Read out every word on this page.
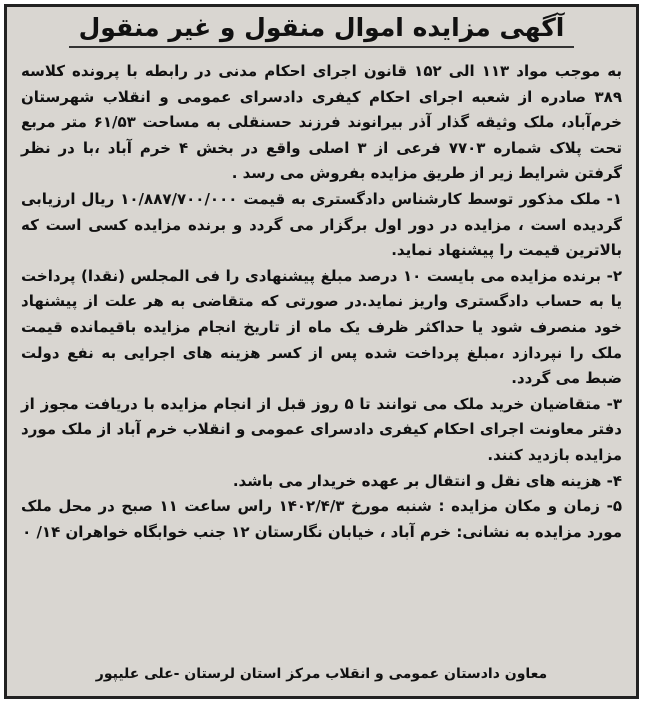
آگهی مزایده اموال منقول و غیر منقول

به موجب مواد ۱۱۳ الی ۱۵۲ قانون اجرای احکام مدنی در رابطه با پرونده کلاسه ۳۸۹ صادره از شعبه اجرای احکام کیفری دادسرای عمومی و انقلاب شهرستان خرم‌آباد، ملک وثیقه گذار آذر بیرانوند فرزند حسنقلی به مساحت ۶۱/۵۳ متر مربع تحت پلاک شماره ۷۷۰۳ فرعی از ۳ اصلی واقع در بخش ۴ خرم آباد ،با در نظر گرفتن شرایط زیر از طریق مزایده بفروش می رسد .

۱- ملک مذکور توسط کارشناس دادگستری به قیمت ۱۰/۸۸۷/۷۰۰/۰۰۰ ریال ارزیابی گردیده است ، مزایده در دور اول برگزار می گردد و برنده مزایده کسی است که بالاترین قیمت را پیشنهاد نماید.

۲- برنده مزایده می بایست ۱۰ درصد مبلغ پیشنهادی را فی المجلس (نقدا) پرداخت یا به حساب دادگستری واریز نماید.در صورتی که متقاضی به هر علت از پیشنهاد خود منصرف شود یا حداکثر ظرف یک ماه از تاریخ انجام مزایده باقیمانده قیمت ملک را نپردازد ،مبلغ پرداخت شده پس از کسر هزینه های اجرایی به نفع دولت ضبط می گردد.

۳- متقاضیان خرید ملک می توانند تا ۵ روز قبل از انجام مزایده با دریافت مجوز از دفتر معاونت اجرای احکام کیفری دادسرای عمومی و انقلاب خرم آباد از ملک مورد مزایده بازدید کنند.

۴- هزینه های نقل و انتقال بر عهده خریدار می باشد.

۵- زمان و مکان مزایده : شنبه مورخ ۱۴۰۲/۴/۳ راس ساعت ۱۱ صبح در محل ملک مورد مزایده به نشانی: خرم آباد ، خیابان نگارستان ۱۲ جنب خوابگاه خواهران ۱۴/ ۰

معاون دادستان عمومی و انقلاب مرکز استان لرستان -علی علیپور
